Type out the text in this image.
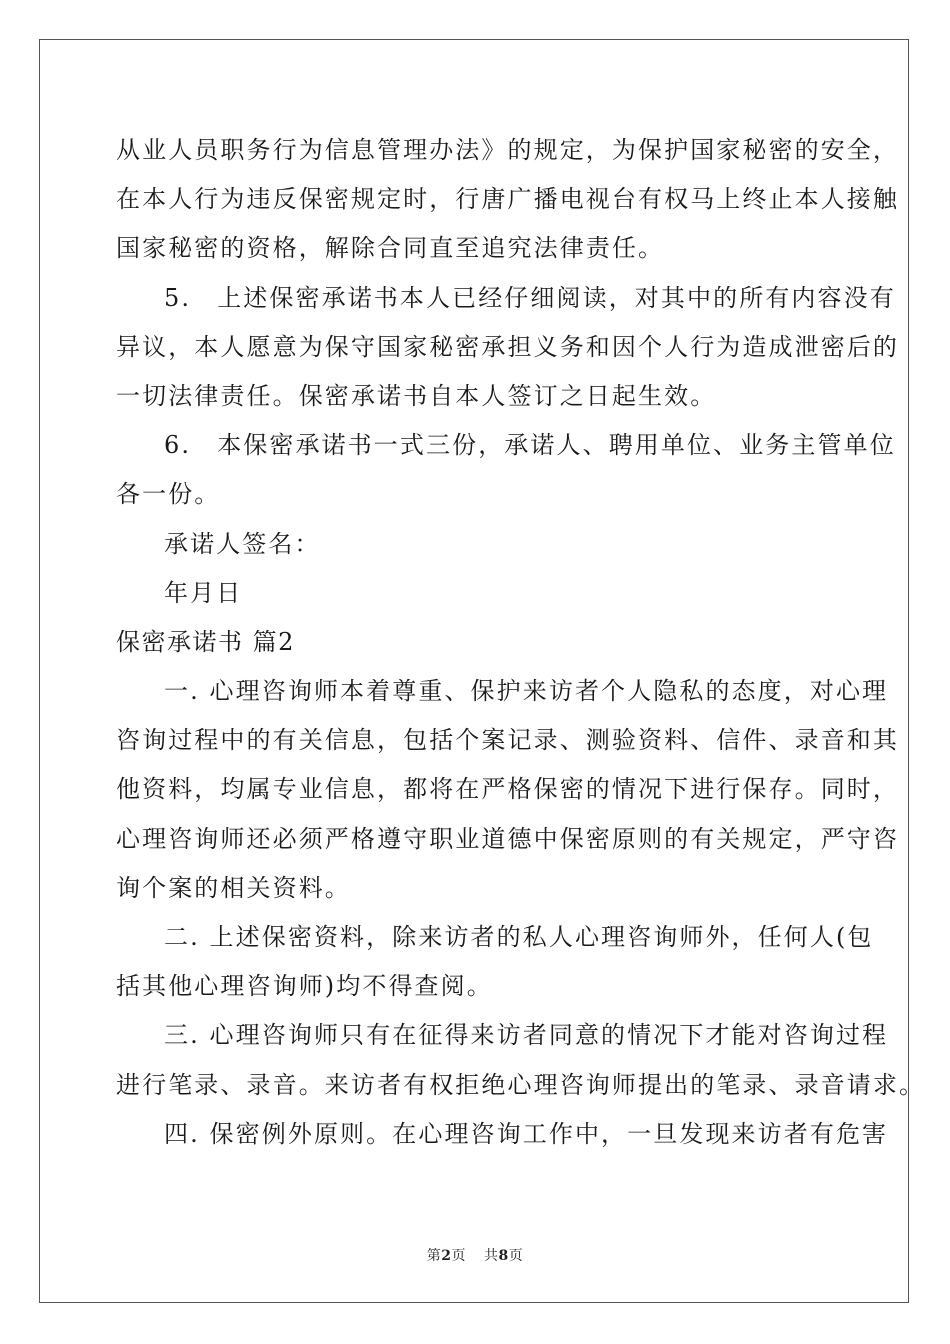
从业人员职务行为信息管理办法》的规定，为保护国家秘密的安全，
在本人行为违反保密规定时，行唐广播电视台有权马上终止本人接触
国家秘密的资格，解除合同直至追究法律责任。
5.　上述保密承诺书本人已经仔细阅读，对其中的所有内容没有
异议，本人愿意为保守国家秘密承担义务和因个人行为造成泄密后的
一切法律责任。保密承诺书自本人签订之日起生效。
6.　本保密承诺书一式三份，承诺人、聘用单位、业务主管单位
各一份。
承诺人签名：
年月日
保密承诺书 篇2
一. 心理咨询师本着尊重、保护来访者个人隐私的态度，对心理
咨询过程中的有关信息，包括个案记录、测验资料、信件、录音和其
他资料，均属专业信息，都将在严格保密的情况下进行保存。同时，
心理咨询师还必须严格遵守职业道德中保密原则的有关规定，严守咨
询个案的相关资料。
二. 上述保密资料，除来访者的私人心理咨询师外，任何人(包
括其他心理咨询师)均不得查阅。
三. 心理咨询师只有在征得来访者同意的情况下才能对咨询过程
进行笔录、录音。来访者有权拒绝心理咨询师提出的笔录、录音请求。
四. 保密例外原则。在心理咨询工作中，一旦发现来访者有危害
第2页 共8页
